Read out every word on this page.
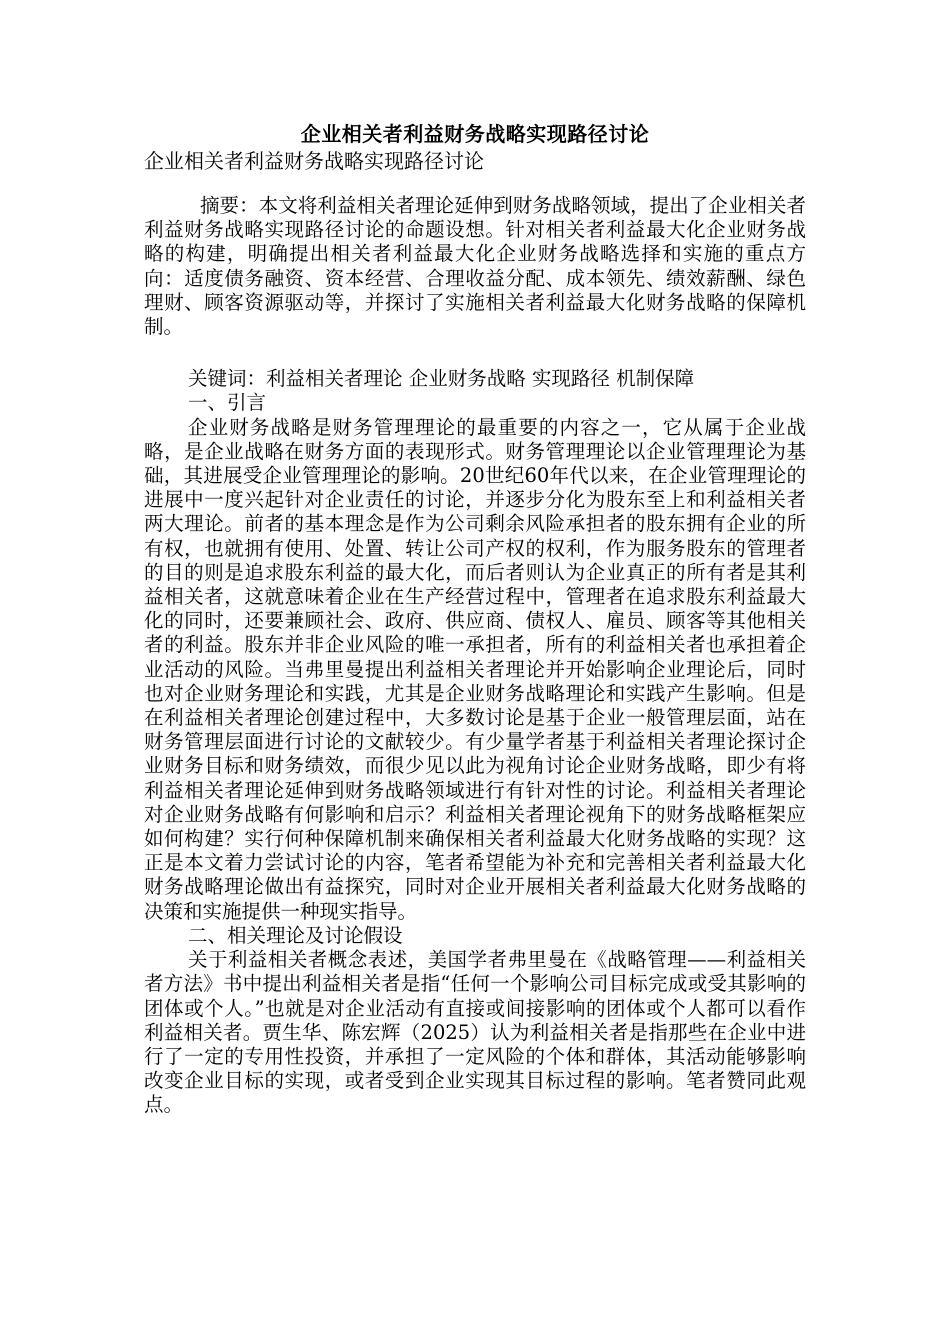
企业相关者利益财务战略实现路径讨论

企业相关者利益财务战略实现路径讨论

摘要：本文将利益相关者理论延伸到财务战略领域，提出了企业相关者利益财务战略实现路径讨论的命题设想。针对相关者利益最大化企业财务战略的构建，明确提出相关者利益最大化企业财务战略选择和实施的重点方向：适度债务融资、资本经营、合理收益分配、成本领先、绩效薪酬、绿色理财、顾客资源驱动等，并探讨了实施相关者利益最大化财务战略的保障机制。

关键词：利益相关者理论 企业财务战略 实现路径 机制保障

一、引言

企业财务战略是财务管理理论的最重要的内容之一，它从属于企业战略，是企业战略在财务方面的表现形式。财务管理理论以企业管理理论为基础，其进展受企业管理理论的影响。20世纪60年代以来，在企业管理理论的进展中一度兴起针对企业责任的讨论，并逐步分化为股东至上和利益相关者两大理论。前者的基本理念是作为公司剩余风险承担者的股东拥有企业的所有权，也就拥有使用、处置、转让公司产权的权利，作为服务股东的管理者的目的则是追求股东利益的最大化，而后者则认为企业真正的所有者是其利益相关者，这就意味着企业在生产经营过程中，管理者在追求股东利益最大化的同时，还要兼顾社会、政府、供应商、债权人、雇员、顾客等其他相关者的利益。股东并非企业风险的唯一承担者，所有的利益相关者也承担着企业活动的风险。当弗里曼提出利益相关者理论并开始影响企业理论后，同时也对企业财务理论和实践，尤其是企业财务战略理论和实践产生影响。但是在利益相关者理论创建过程中，大多数讨论是基于企业一般管理层面，站在财务管理层面进行讨论的文献较少。有少量学者基于利益相关者理论探讨企业财务目标和财务绩效，而很少见以此为视角讨论企业财务战略，即少有将利益相关者理论延伸到财务战略领域进行有针对性的讨论。利益相关者理论对企业财务战略有何影响和启示？利益相关者理论视角下的财务战略框架应如何构建？实行何种保障机制来确保相关者利益最大化财务战略的实现？这正是本文着力尝试讨论的内容，笔者希望能为补充和完善相关者利益最大化财务战略理论做出有益探究，同时对企业开展相关者利益最大化财务战略的决策和实施提供一种现实指导。

二、相关理论及讨论假设

关于利益相关者概念表述，美国学者弗里曼在《战略管理——利益相关者方法》书中提出利益相关者是指“任何一个影响公司目标完成或受其影响的团体或个人。”也就是对企业活动有直接或间接影响的团体或个人都可以看作利益相关者。贾生华、陈宏辉（2025）认为利益相关者是指那些在企业中进行了一定的专用性投资，并承担了一定风险的个体和群体，其活动能够影响改变企业目标的实现，或者受到企业实现其目标过程的影响。笔者赞同此观点。
